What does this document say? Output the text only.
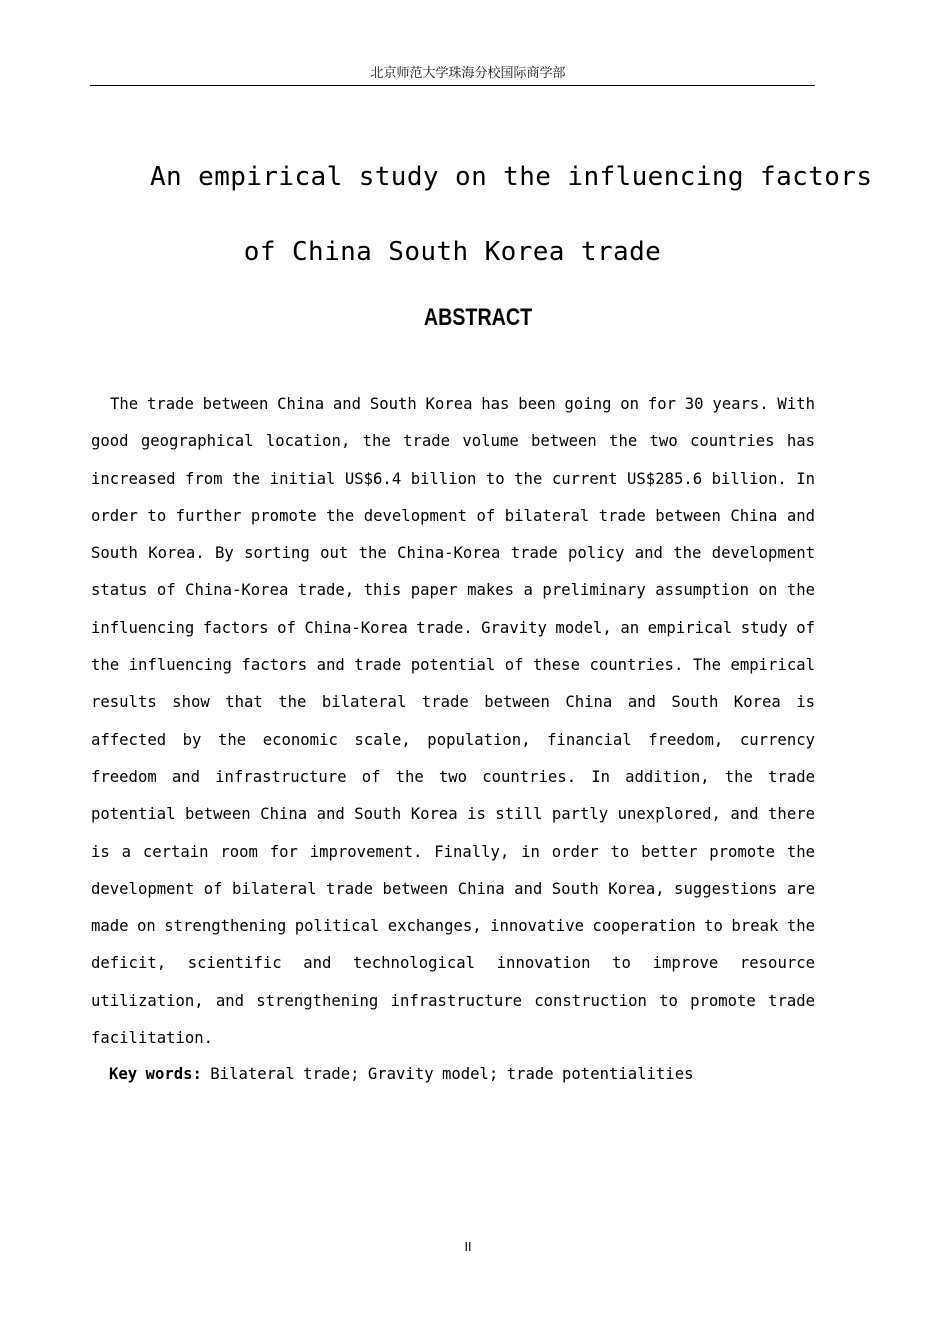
北京师范大学珠海分校国际商学部
An empirical study on the influencing factors
of China South Korea trade
ABSTRACT
The trade between China and South Korea has been going on for 30 years. With good geographical location, the trade volume between the two countries has increased from the initial US$6.4 billion to the current US$285.6 billion. In order to further promote the development of bilateral trade between China and South Korea. By sorting out the China-Korea trade policy and the development status of China-Korea trade, this paper makes a preliminary assumption on the influencing factors of China-Korea trade. Gravity model, an empirical study of the influencing factors and trade potential of these countries. The empirical results show that the bilateral trade between China and South Korea is affected by the economic scale, population, financial freedom, currency freedom and infrastructure of the two countries. In addition, the trade potential between China and South Korea is still partly unexplored, and there is a certain room for improvement. Finally, in order to better promote the development of bilateral trade between China and South Korea, suggestions are made on strengthening political exchanges, innovative cooperation to break the deficit, scientific and technological innovation to improve resource utilization, and strengthening infrastructure construction to promote trade facilitation.
Key words: Bilateral trade; Gravity model; trade potentialities
II
